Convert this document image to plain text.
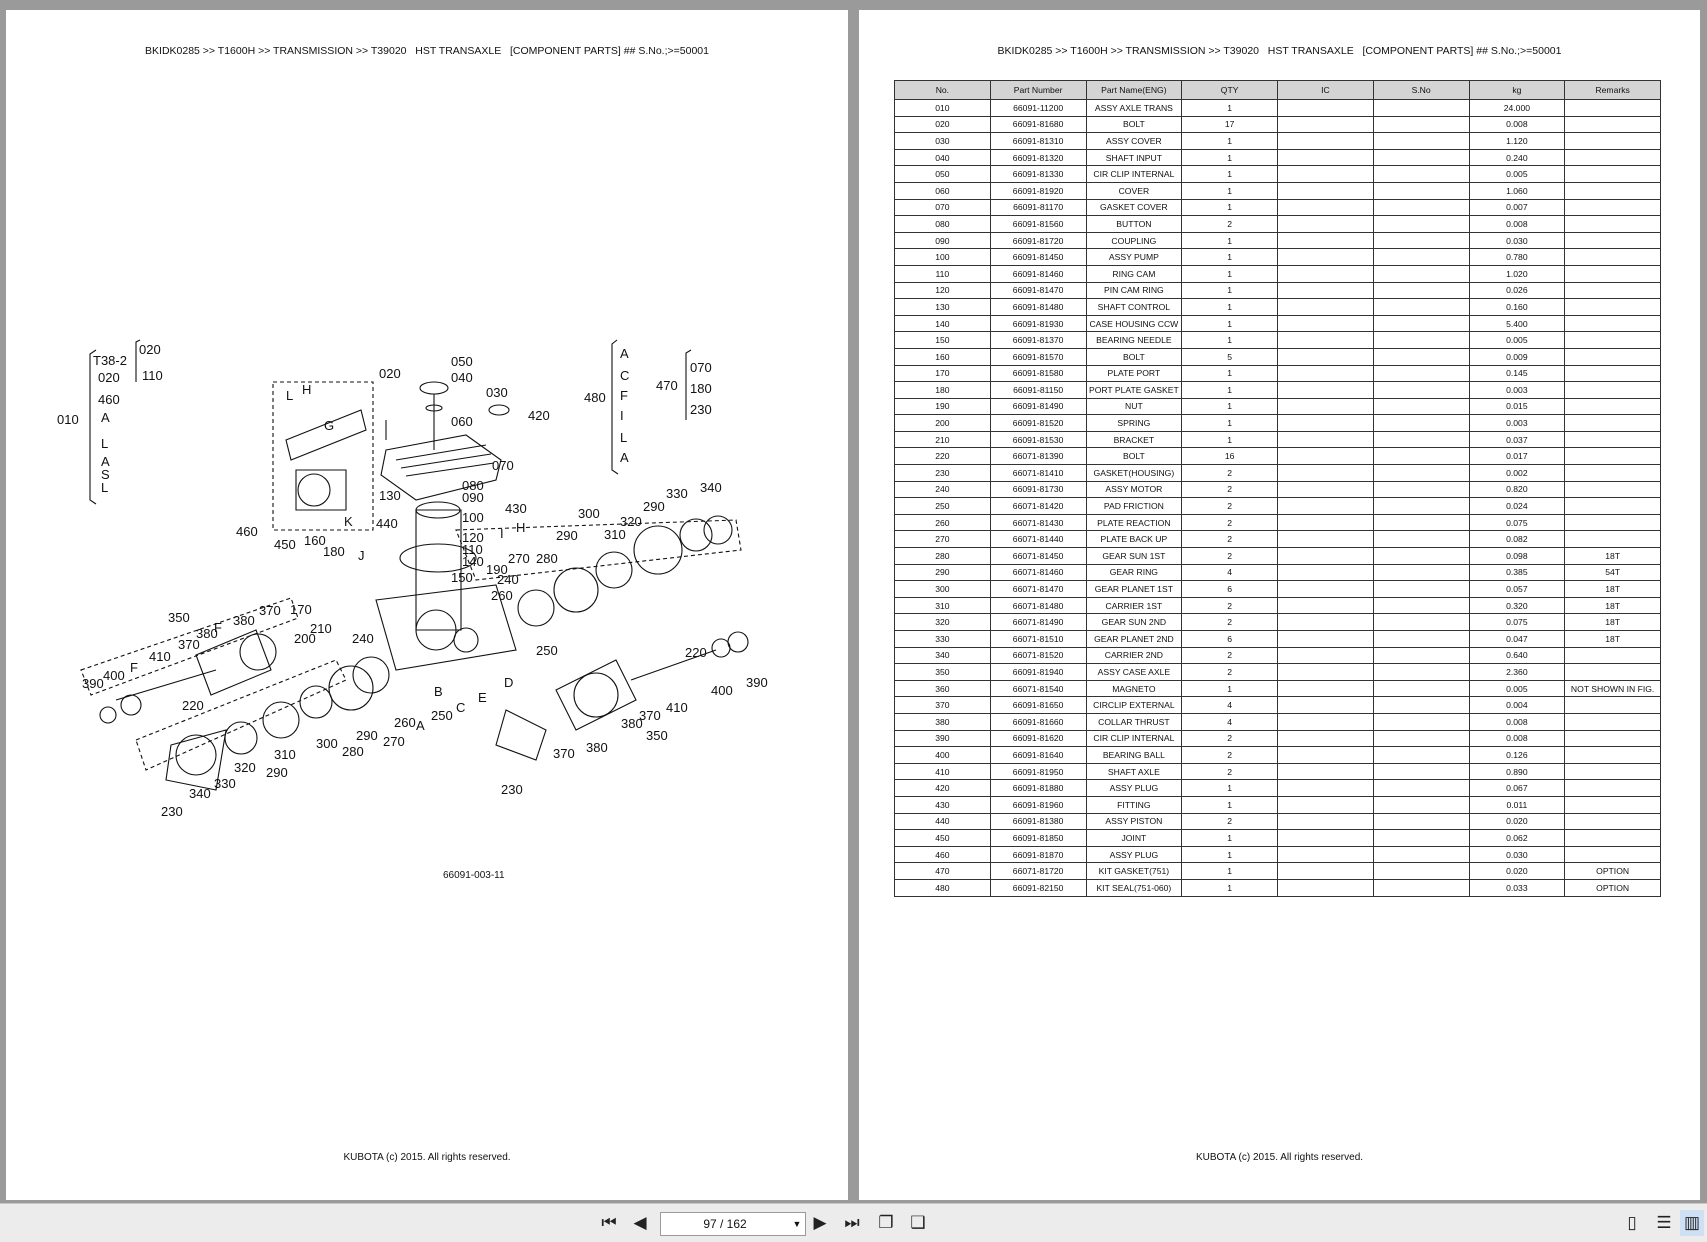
BKIDK0285 >> T1600H >> TRANSMISSION >> T39020   HST TRANSAXLE   [COMPONENT PARTS] ## S.No.;>=50001
T38-2
020
460
010 A
L
A
S
L
020
110	020
050
040
030
060	420
070
080
090
100
120
110
140
130
440
430
150
190
240
160
180
450
460
170
210
200	240
300
320
290
330 340
290 310
280
270
260
350
380
380
370
370
410
400
390
220
260
290 270
300
280
310
320 290
330
340
230
250
250	220
400
410
390
380
370
350
380
370
230
480
470
070
180
230
A
C
F
I
L
A
L H
G
K
I H
J
F
F
A
B
C
E
D
66091-003-11
KUBOTA (c) 2015. All rights reserved.
BKIDK0285 >> T1600H >> TRANSMISSION >> T39020   HST TRANSAXLE   [COMPONENT PARTS] ## S.No.;>=50001
No.	Part Number	Part Name(ENG)	QTY	IC	S.No	kg	Remarks
010	66091-11200	ASSY AXLE TRANS	1			24.000	
020	66091-81680	BOLT	17			0.008	
030	66091-81310	ASSY COVER	1			1.120	
040	66091-81320	SHAFT INPUT	1			0.240	
050	66091-81330	CIR CLIP INTERNAL	1			0.005	
060	66091-81920	COVER	1			1.060	
070	66091-81170	GASKET COVER	1			0.007	
080	66091-81560	BUTTON	2			0.008	
090	66091-81720	COUPLING	1			0.030	
100	66091-81450	ASSY PUMP	1			0.780	
110	66091-81460	RING CAM	1			1.020	
120	66091-81470	PIN CAM RING	1			0.026	
130	66091-81480	SHAFT CONTROL	1			0.160	
140	66091-81930	CASE HOUSING CCW	1			5.400	
150	66091-81370	BEARING NEEDLE	1			0.005	
160	66091-81570	BOLT	5			0.009	
170	66091-81580	PLATE PORT	1			0.145	
180	66091-81150	PORT PLATE GASKET	1			0.003	
190	66091-81490	NUT	1			0.015	
200	66091-81520	SPRING	1			0.003	
210	66091-81530	BRACKET	1			0.037	
220	66071-81390	BOLT	16			0.017	
230	66071-81410	GASKET(HOUSING)	2			0.002	
240	66091-81730	ASSY MOTOR	2			0.820	
250	66071-81420	PAD FRICTION	2			0.024	
260	66071-81430	PLATE REACTION	2			0.075	
270	66071-81440	PLATE BACK UP	2			0.082	
280	66071-81450	GEAR SUN 1ST	2			0.098	18T
290	66071-81460	GEAR RING	4			0.385	54T
300	66071-81470	GEAR PLANET 1ST	6			0.057	18T
310	66071-81480	CARRIER 1ST	2			0.320	18T
320	66071-81490	GEAR SUN 2ND	2			0.075	18T
330	66071-81510	GEAR PLANET 2ND	6			0.047	18T
340	66071-81520	CARRIER 2ND	2			0.640	
350	66091-81940	ASSY CASE AXLE	2			2.360	
360	66071-81540	MAGNETO	1			0.005	NOT SHOWN IN FIG.
370	66091-81650	CIRCLIP EXTERNAL	4			0.004	
380	66091-81660	COLLAR THRUST	4			0.008	
390	66091-81620	CIR CLIP INTERNAL	2			0.008	
400	66091-81640	BEARING BALL	2			0.126	
410	66091-81950	SHAFT AXLE	2			0.890	
420	66091-81880	ASSY PLUG	1			0.067	
430	66091-81960	FITTING	1			0.011	
440	66091-81380	ASSY PISTON	2			0.020	
450	66091-81850	JOINT	1			0.062	
460	66091-81870	ASSY PLUG	1			0.030	
470	66071-81720	KIT GASKET(751)	1			0.020	OPTION
480	66091-82150	KIT SEAL(751-060)	1			0.033	OPTION
KUBOTA (c) 2015. All rights reserved.
⏮ ◀	97 / 162	▼ ▶	⏭ ❐ ❑	▯	☰ ▥
